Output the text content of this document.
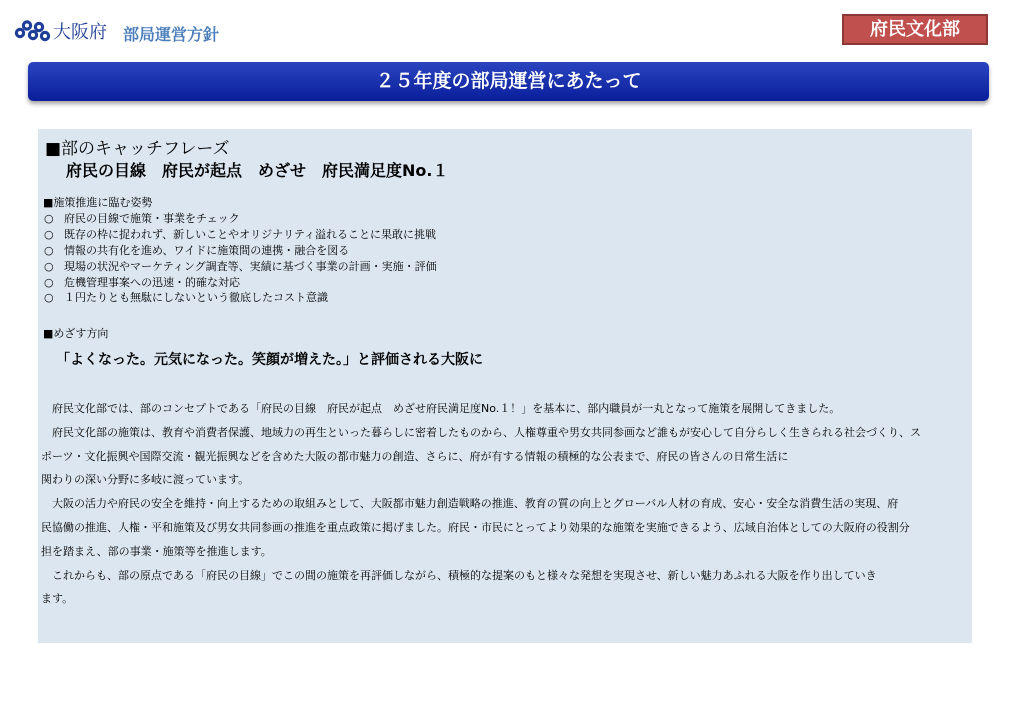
大阪府 部局運営方針	府民文化部
２５年度の部局運営にあたって
■部のキャッチフレーズ
府民の目線　府民が起点　めざせ　府民満足度No.１
■施策推進に臨む姿勢
○ 府民の目線で施策・事業をチェック
○ 既存の枠に捉われず、新しいことやオリジナリティ溢れることに果敢に挑戦
○ 情報の共有化を進め、ワイドに施策間の連携・融合を図る
○ 現場の状況やマーケティング調査等、実績に基づく事業の計画・実施・評価
○ 危機管理事案への迅速・的確な対応
○ １円たりとも無駄にしないという徹底したコスト意識
■めざす方向
「よくなった。元気になった。笑顔が増えた。」と評価される大阪に
　府民文化部では、部のコンセプトである「府民の目線　府民が起点　めざせ府民満足度No.１！」を基本に、部内職員が一丸となって施策を展開してきました。
　府民文化部の施策は、教育や消費者保護、地域力の再生といった暮らしに密着したものから、人権尊重や男女共同参画など誰もが安心して自分らしく生きられる社会づくり、ス
ポーツ・文化振興や国際交流・観光振興などを含めた大阪の都市魅力の創造、さらに、府が有する情報の積極的な公表まで、府民の皆さんの日常生活に
関わりの深い分野に多岐に渡っています。
　大阪の活力や府民の安全を維持・向上するための取組みとして、大阪都市魅力創造戦略の推進、教育の質の向上とグローバル人材の育成、安心・安全な消費生活の実現、府
民協働の推進、人権・平和施策及び男女共同参画の推進を重点政策に掲げました。府民・市民にとってより効果的な施策を実施できるよう、広域自治体としての大阪府の役割分
担を踏まえ、部の事業・施策等を推進します。
　これからも、部の原点である「府民の目線」でこの間の施策を再評価しながら、積極的な提案のもと様々な発想を実現させ、新しい魅力あふれる大阪を作り出していき
ます。
